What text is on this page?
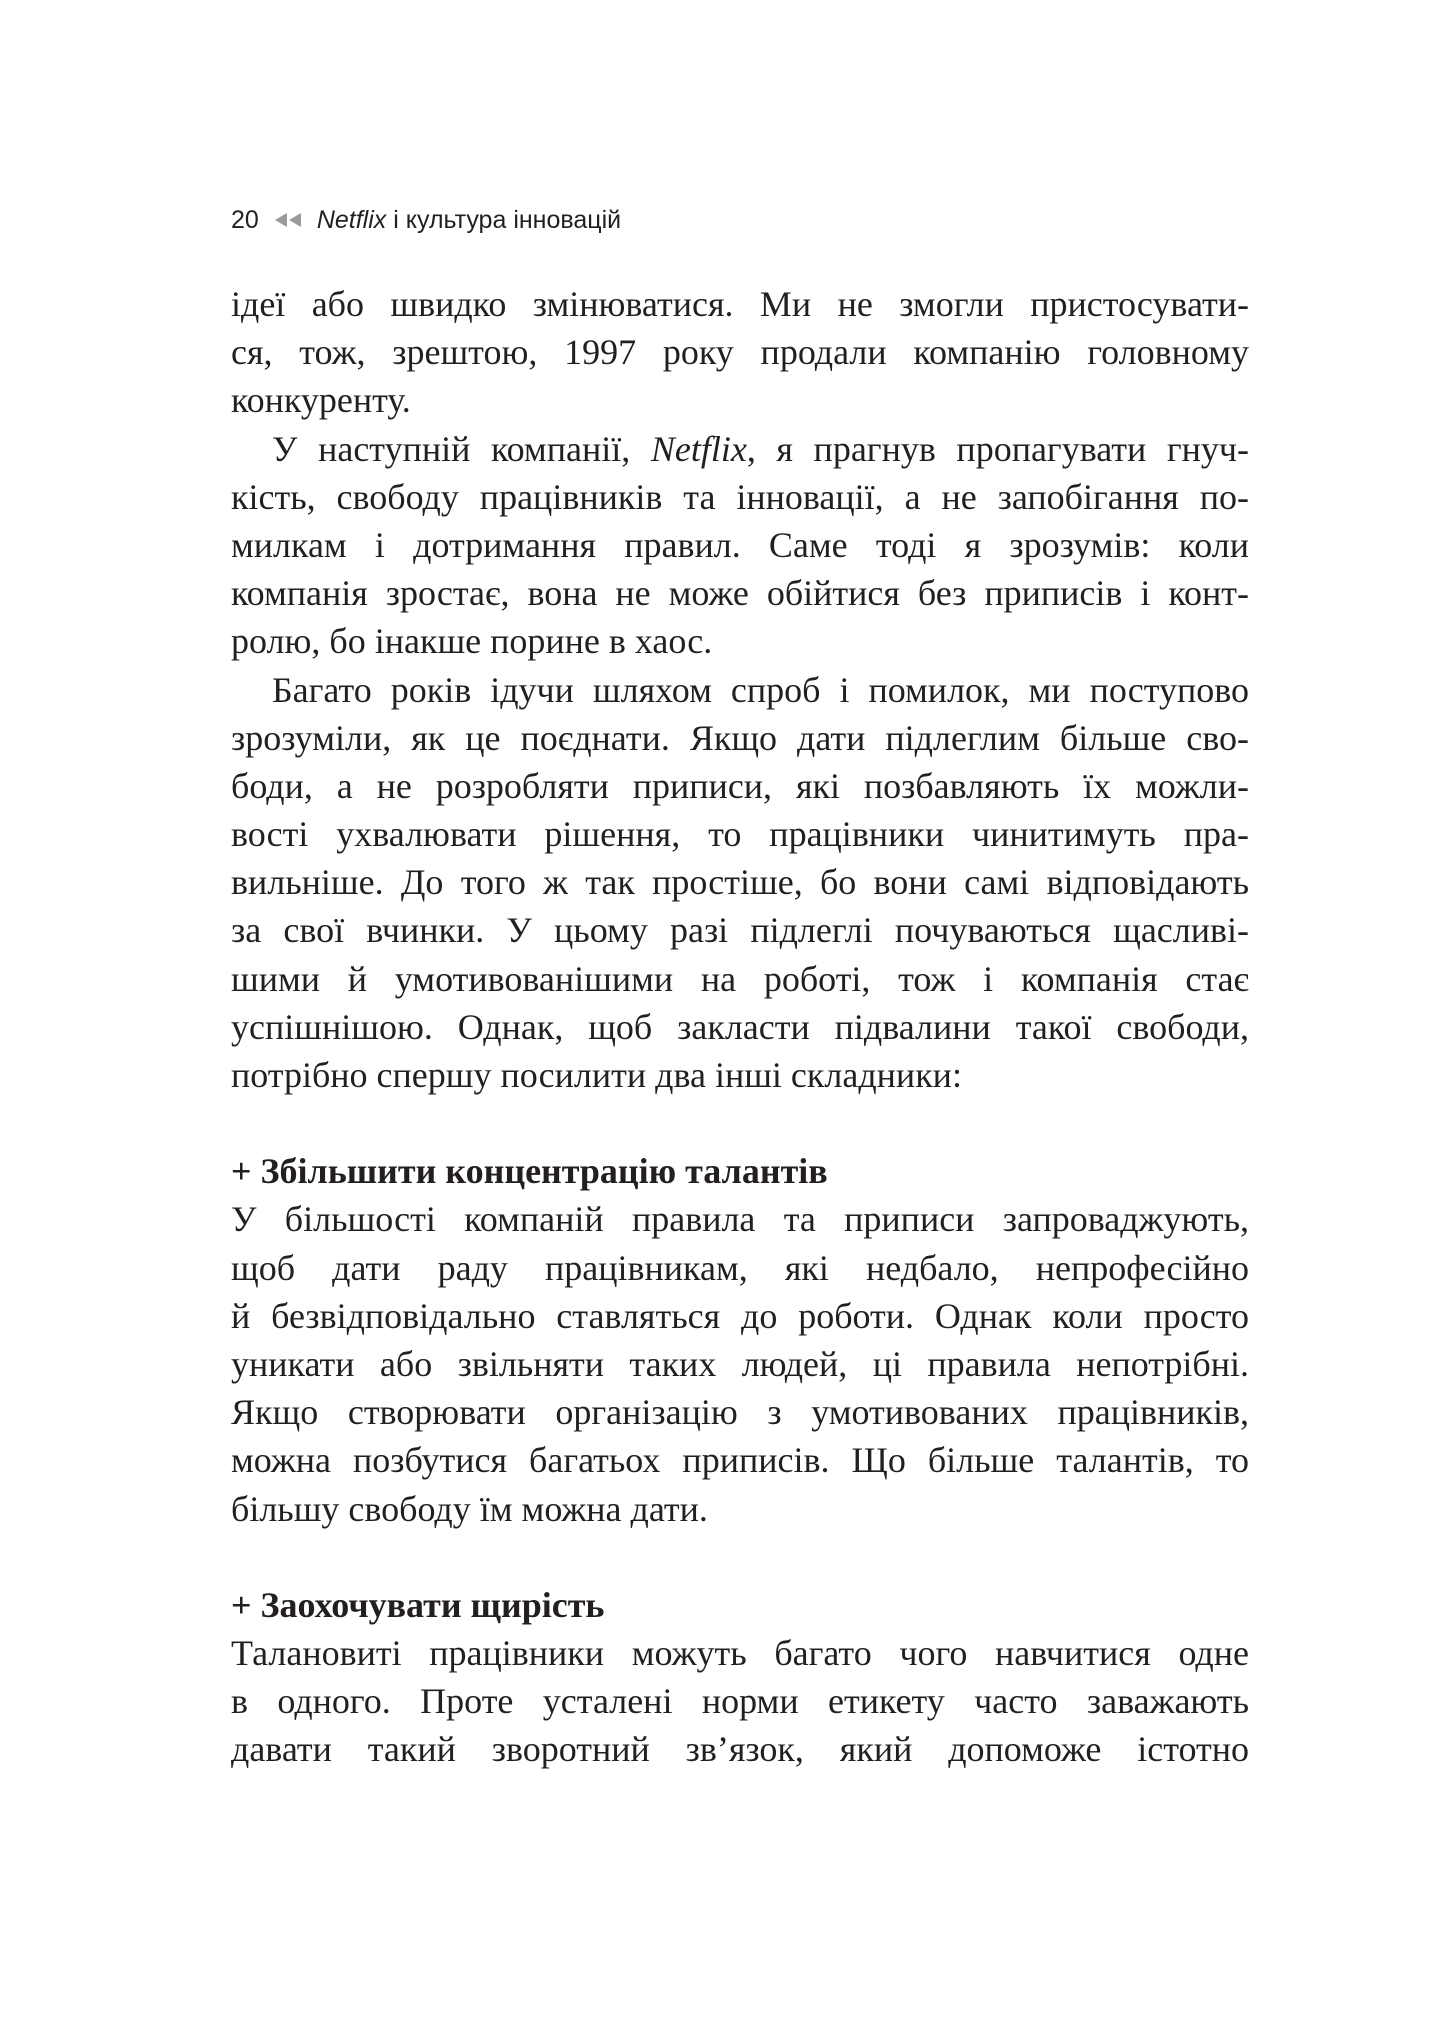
20 Netflix і культура інновацій
ідеї або швидко змінюватися. Ми не змогли пристосувати-
ся, тож, зрештою, 1997 року продали компанію головному
конкуренту.
У наступній компанії, Netflix, я прагнув пропагувати гнуч-
кість, свободу працівників та інновації, а не запобігання по-
милкам і дотримання правил. Саме тоді я зрозумів: коли
компанія зростає, вона не може обійтися без приписів і конт-
ролю, бо інакше порине в хаос.
Багато років ідучи шляхом спроб і помилок, ми поступово
зрозуміли, як це поєднати. Якщо дати підлеглим більше сво-
боди, а не розробляти приписи, які позбавляють їх можли-
вості ухвалювати рішення, то працівники чинитимуть пра-
вильніше. До того ж так простіше, бо вони самі відповідають
за свої вчинки. У цьому разі підлеглі почуваються щасливі-
шими й умотивованішими на роботі, тож і компанія стає
успішнішою. Однак, щоб закласти підвалини такої свободи,
потрібно спершу посилити два інші складники:
+ Збільшити концентрацію талантів
У більшості компаній правила та приписи запроваджують,
щоб дати раду працівникам, які недбало, непрофесійно
й безвідповідально ставляться до роботи. Однак коли просто
уникати або звільняти таких людей, ці правила непотрібні.
Якщо створювати організацію з умотивованих працівників,
можна позбутися багатьох приписів. Що більше талантів, то
більшу свободу їм можна дати.
+ Заохочувати щирість
Талановиті працівники можуть багато чого навчитися одне
в одного. Проте усталені норми етикету часто заважають
давати такий зворотний зв’язок, який допоможе істотно
